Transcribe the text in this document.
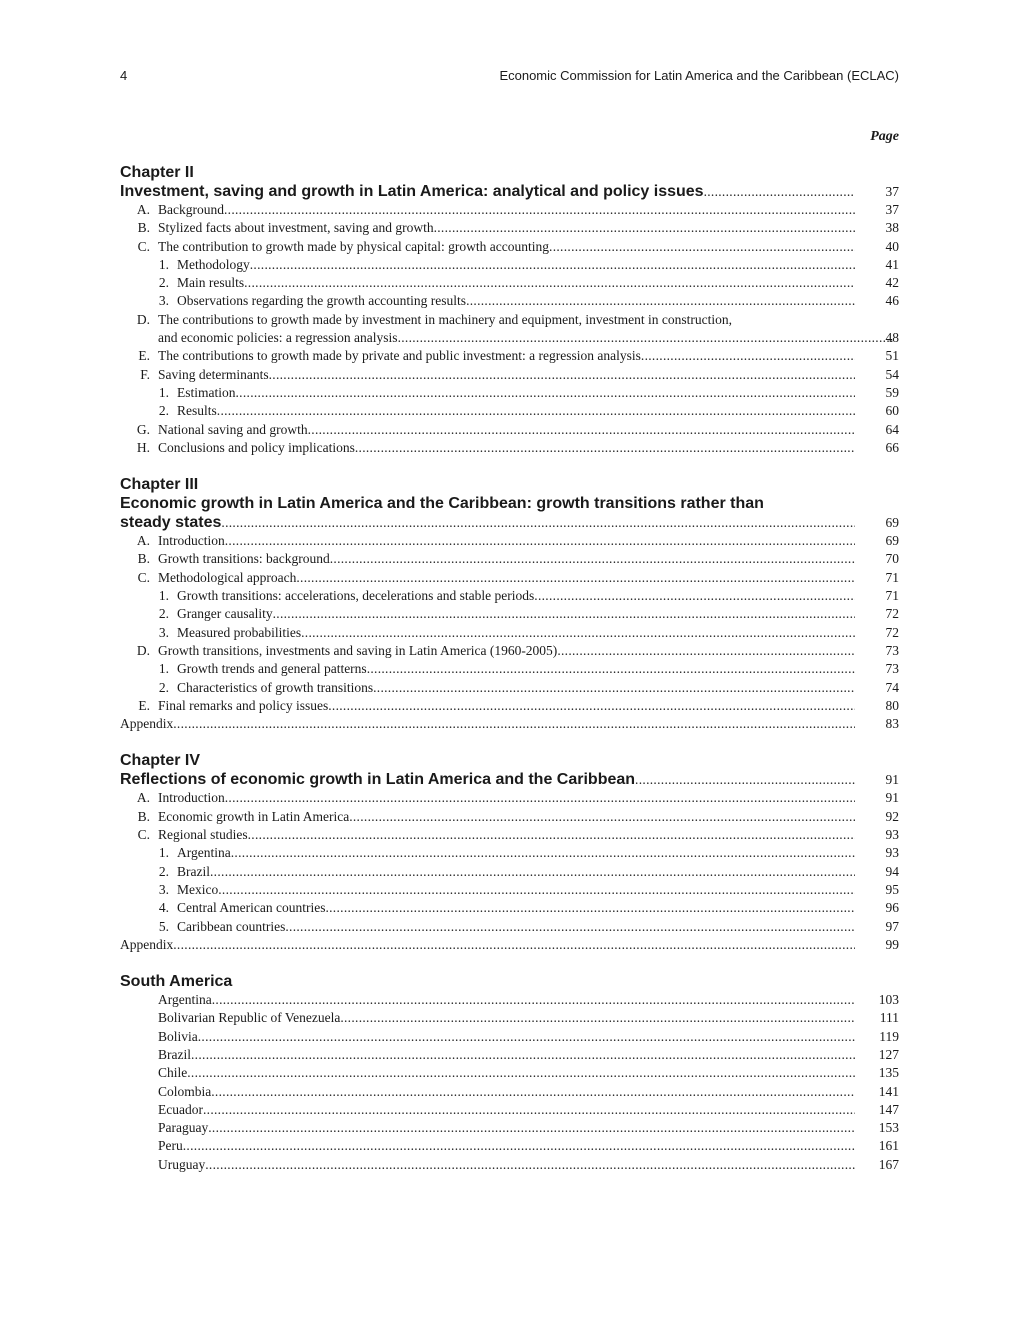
4	Economic Commission for Latin America and the Caribbean (ECLAC)
Page
Chapter II
Investment, saving and growth in Latin America: analytical and policy issues .....	37
A. Background .....	37
B. Stylized facts about investment, saving and growth .....	38
C. The contribution to growth made by physical capital: growth accounting .....	40
1. Methodology .....	41
2. Main results .....	42
3. Observations regarding the growth accounting results .....	46
D. The contributions to growth made by investment in machinery and equipment, investment in construction,
and economic policies: a regression analysis .....	48
E. The contributions to growth made by private and public investment: a regression analysis .....	51
F. Saving determinants .....	54
1. Estimation .....	59
2. Results .....	60
G. National saving and growth .....	64
H. Conclusions and policy implications .....	66
Chapter III
Economic growth in Latin America and the Caribbean: growth transitions rather than
steady states .....	69
A. Introduction .....	69
B. Growth transitions: background .....	70
C. Methodological approach .....	71
1. Growth transitions: accelerations, decelerations and stable periods .....	71
2. Granger causality .....	72
3. Measured probabilities .....	72
D. Growth transitions, investments and saving in Latin America (1960-2005) .....	73
1. Growth trends and general patterns .....	73
2. Characteristics of growth transitions .....	74
E. Final remarks and policy issues .....	80
Appendix .....	83
Chapter IV
Reflections of economic growth in Latin America and the Caribbean .....	91
A. Introduction .....	91
B. Economic growth in Latin America .....	92
C. Regional studies .....	93
1. Argentina .....	93
2. Brazil .....	94
3. Mexico .....	95
4. Central American countries .....	96
5. Caribbean countries .....	97
Appendix .....	99
South America
Argentina .....	103
Bolivarian Republic of Venezuela .....	111
Bolivia .....	119
Brazil .....	127
Chile .....	135
Colombia .....	141
Ecuador .....	147
Paraguay .....	153
Peru .....	161
Uruguay .....	167
